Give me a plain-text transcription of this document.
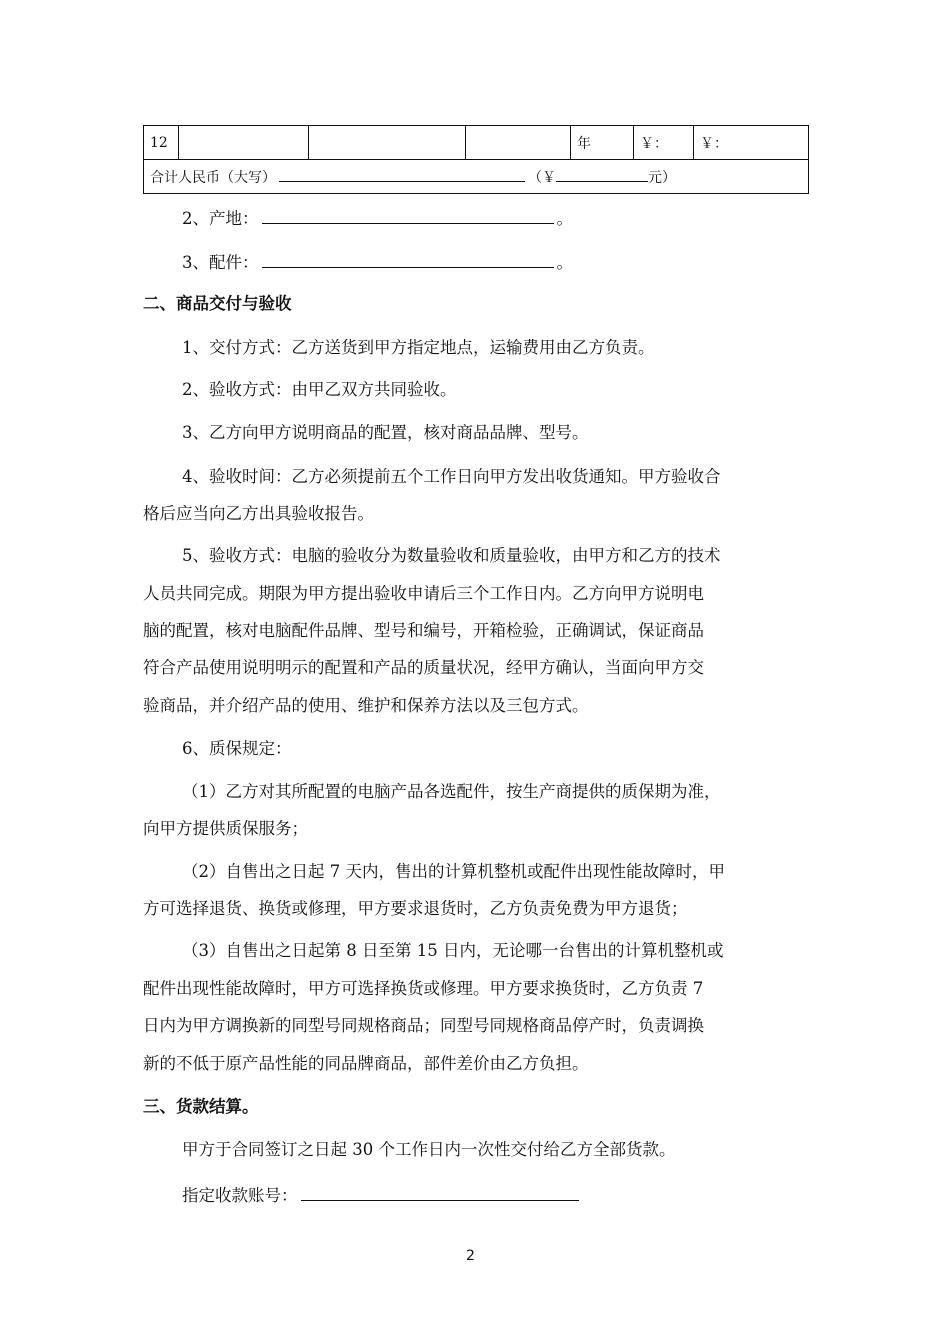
12				年	￥：	￥：
合计人民币（大写）	（￥	元）
2、产地：	。
3、配件：	。
二、商品交付与验收
1、交付方式：乙方送货到甲方指定地点，运输费用由乙方负责。
2、验收方式：由甲乙双方共同验收。
3、乙方向甲方说明商品的配置，核对商品品牌、型号。
4、验收时间：乙方必须提前五个工作日向甲方发出收货通知。甲方验收合
格后应当向乙方出具验收报告。
5、验收方式：电脑的验收分为数量验收和质量验收，由甲方和乙方的技术
人员共同完成。期限为甲方提出验收申请后三个工作日内。乙方向甲方说明电
脑的配置，核对电脑配件品牌、型号和编号，开箱检验，正确调试，保证商品
符合产品使用说明明示的配置和产品的质量状况，经甲方确认，当面向甲方交
验商品，并介绍产品的使用、维护和保养方法以及三包方式。
6、质保规定：
（1）乙方对其所配置的电脑产品各选配件，按生产商提供的质保期为准，
向甲方提供质保服务；
（2）自售出之日起 7 天内，售出的计算机整机或配件出现性能故障时，甲
方可选择退货、换货或修理，甲方要求退货时，乙方负责免费为甲方退货；
（3）自售出之日起第 8 日至第 15 日内，无论哪一台售出的计算机整机或
配件出现性能故障时，甲方可选择换货或修理。甲方要求换货时，乙方负责 7
日内为甲方调换新的同型号同规格商品；同型号同规格商品停产时，负责调换
新的不低于原产品性能的同品牌商品，部件差价由乙方负担。
三、货款结算。
甲方于合同签订之日起 30 个工作日内一次性交付给乙方全部货款。
指定收款账号：
2
